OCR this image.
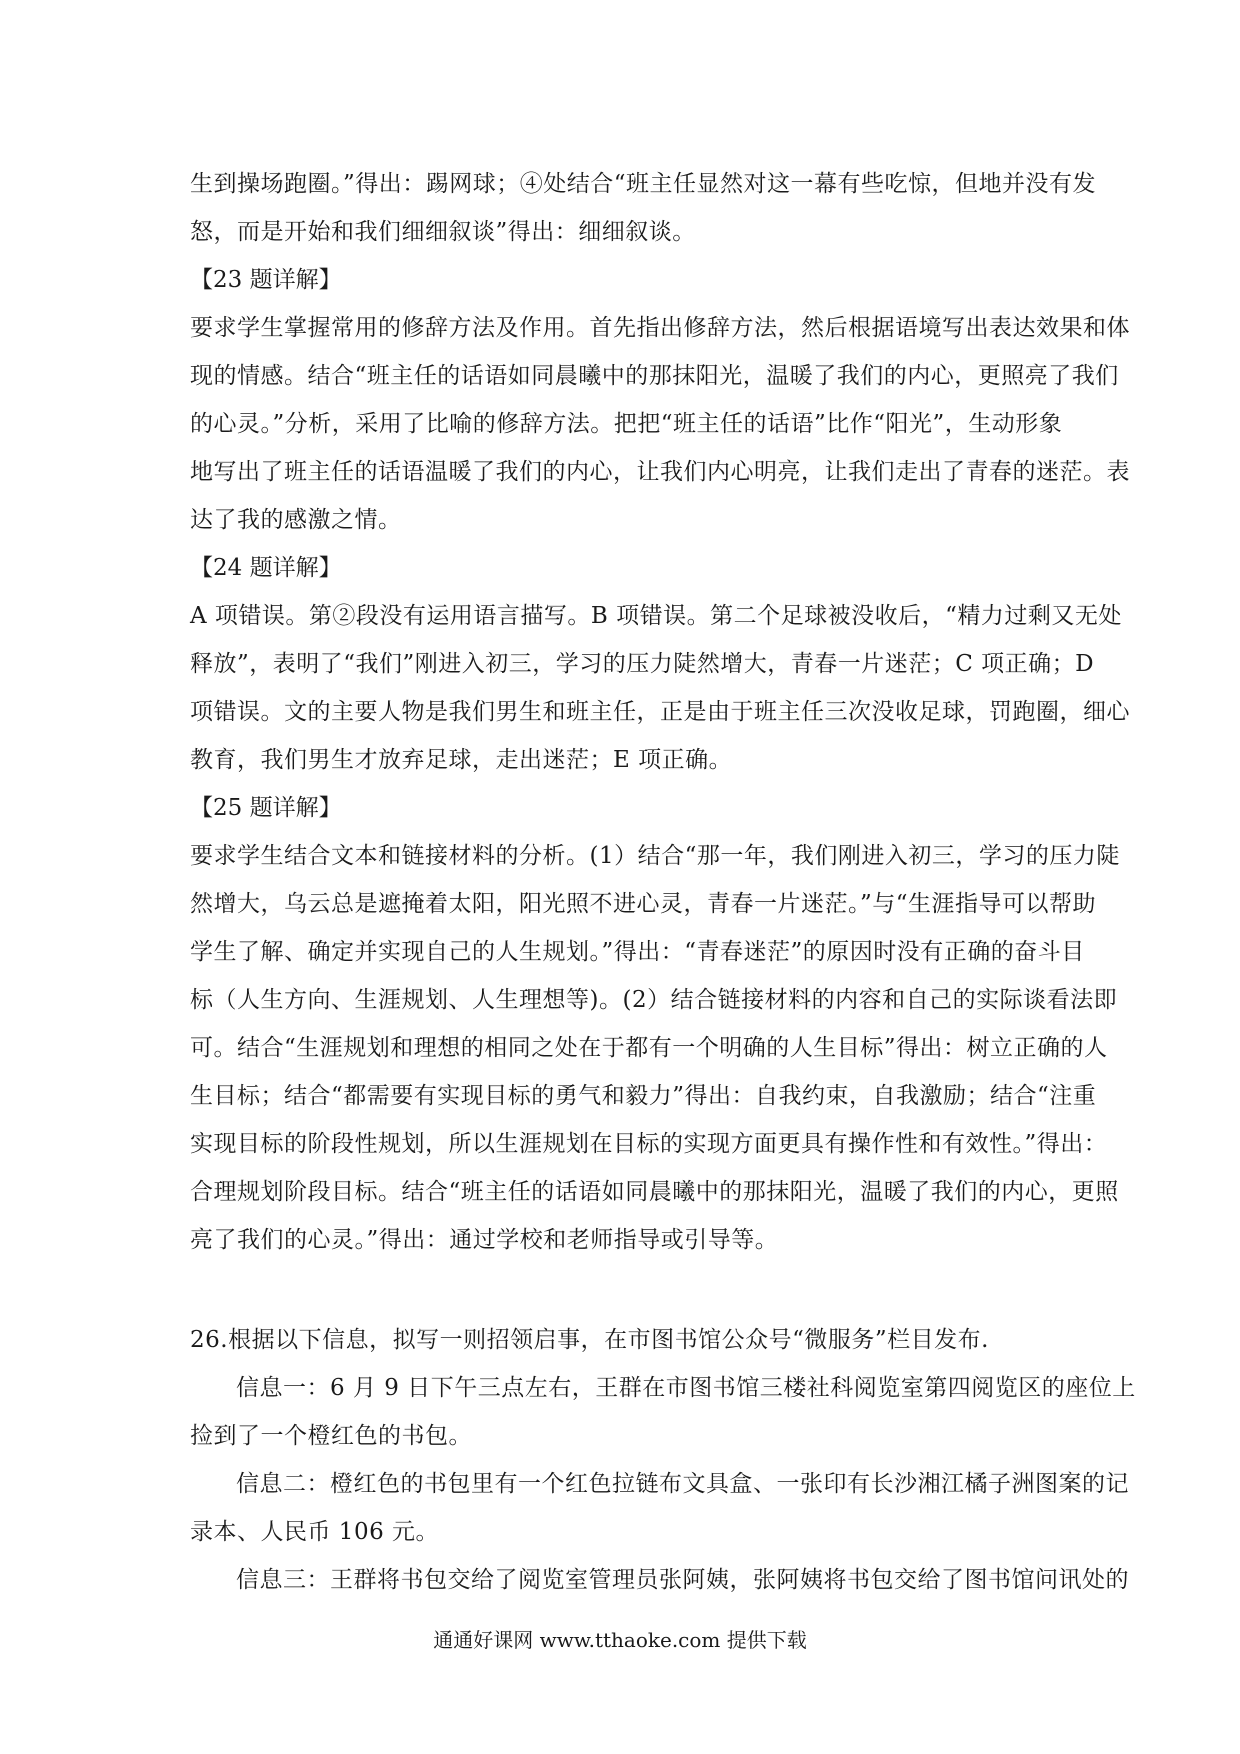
生到操场跑圈。”得出：踢网球；④处结合“班主任显然对这一幕有些吃惊，但地并没有发
怒，而是开始和我们细细叙谈”得出：细细叙谈。
【23 题详解】
要求学生掌握常用的修辞方法及作用。首先指出修辞方法，然后根据语境写出表达效果和体
现的情感。结合“班主任的话语如同晨曦中的那抹阳光，温暖了我们的内心，更照亮了我们
的心灵。”分析，采用了比喻的修辞方法。把把“班主任的话语”比作“阳光”，生动形象
地写出了班主任的话语温暖了我们的内心，让我们内心明亮，让我们走出了青春的迷茫。表
达了我的感激之情。
【24 题详解】
A 项错误。第②段没有运用语言描写。B 项错误。第二个足球被没收后，“精力过剩又无处
释放”，表明了“我们”刚进入初三，学习的压力陡然增大，青春一片迷茫；C 项正确；D
项错误。文的主要人物是我们男生和班主任，正是由于班主任三次没收足球，罚跑圈，细心
教育，我们男生才放弃足球，走出迷茫；E 项正确。
【25 题详解】
要求学生结合文本和链接材料的分析。(1）结合“那一年，我们刚进入初三，学习的压力陡
然增大，乌云总是遮掩着太阳，阳光照不进心灵，青春一片迷茫。”与“生涯指导可以帮助
学生了解、确定并实现自己的人生规划。”得出：“青春迷茫”的原因时没有正确的奋斗目
标（人生方向、生涯规划、人生理想等)。(2）结合链接材料的内容和自己的实际谈看法即
可。结合“生涯规划和理想的相同之处在于都有一个明确的人生目标”得出：树立正确的人
生目标；结合“都需要有实现目标的勇气和毅力”得出：自我约束，自我激励；结合“注重
实现目标的阶段性规划，所以生涯规划在目标的实现方面更具有操作性和有效性。”得出：
合理规划阶段目标。结合“班主任的话语如同晨曦中的那抹阳光，温暖了我们的内心，更照
亮了我们的心灵。”得出：通过学校和老师指导或引导等。
26.根据以下信息，拟写一则招领启事，在市图书馆公众号“微服务”栏目发布.
信息一：6 月 9 日下午三点左右，王群在市图书馆三楼社科阅览室第四阅览区的座位上
捡到了一个橙红色的书包。
信息二：橙红色的书包里有一个红色拉链布文具盒、一张印有长沙湘江橘子洲图案的记
录本、人民币 106 元。
信息三：王群将书包交给了阅览室管理员张阿姨，张阿姨将书包交给了图书馆问讯处的
通通好课网 www.tthaoke.com 提供下载
